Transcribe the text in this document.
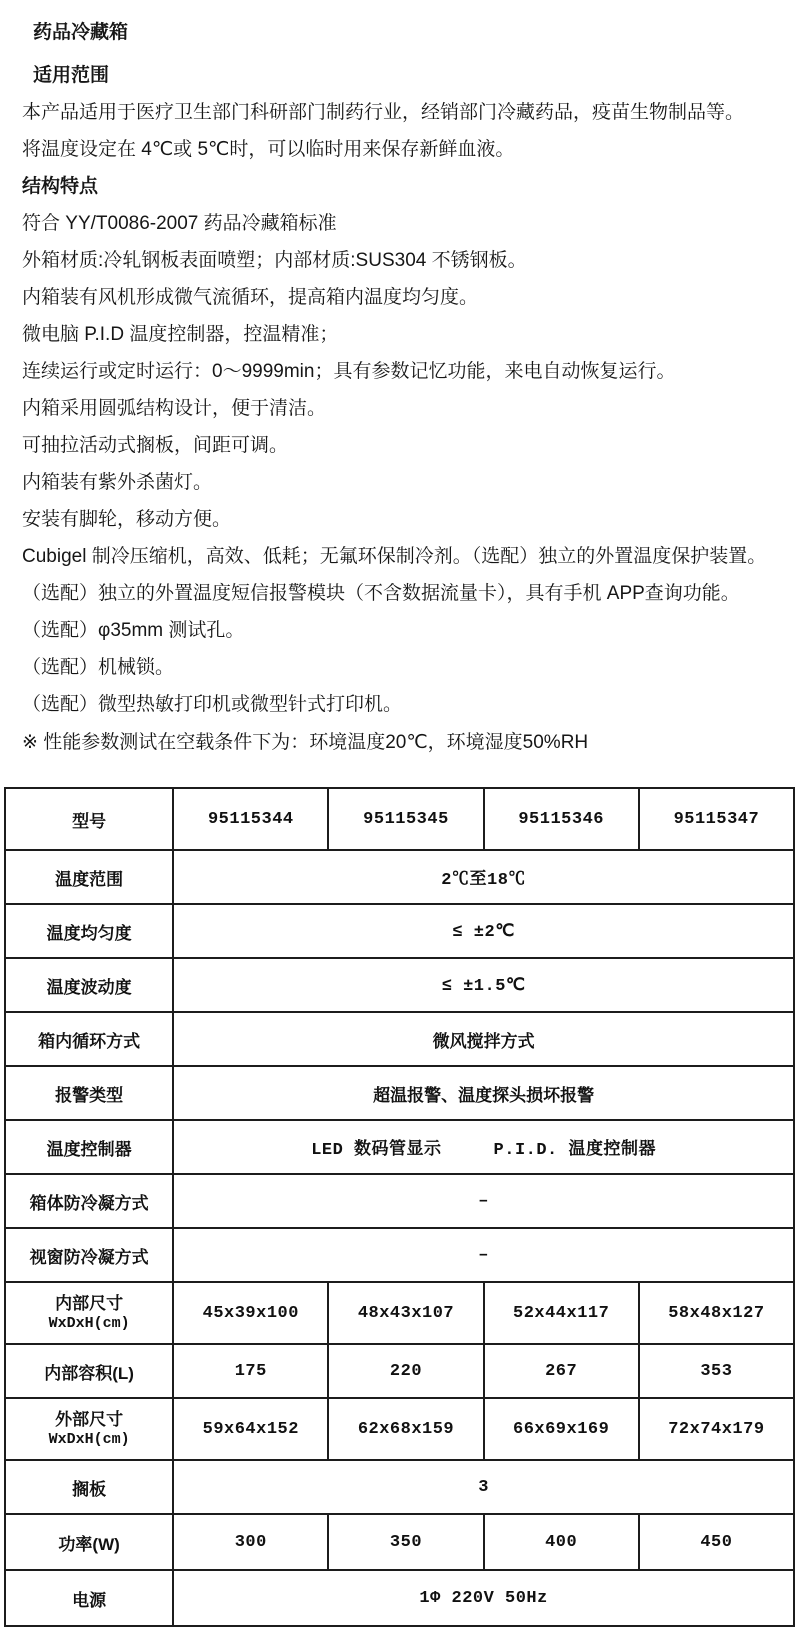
药品冷藏箱

适用范围

本产品适用于医疗卫生部门科研部门制药行业，经销部门冷藏药品，疫苗生物制品等。

将温度设定在 4℃或 5℃时，可以临时用来保存新鲜血液。

结构特点

符合 YY/T0086-2007 药品冷藏箱标准

外箱材质:冷轧钢板表面喷塑；内部材质:SUS304 不锈钢板。

内箱装有风机形成微气流循环，提高箱内温度均匀度。

微电脑 P.I.D 温度控制器，控温精准；

连续运行或定时运行：0～9999min；具有参数记忆功能，来电自动恢复运行。

内箱采用圆弧结构设计，便于清洁。

可抽拉活动式搁板，间距可调。

内箱装有紫外杀菌灯。

安装有脚轮，移动方便。

Cubigel 制冷压缩机，高效、低耗；无氟环保制冷剂。（选配）独立的外置温度保护装置。

（选配）独立的外置温度短信报警模块（不含数据流量卡），具有手机 APP查询功能。

（选配）φ35mm 测试孔。

（选配）机械锁。

（选配）微型热敏打印机或微型针式打印机。

※ 性能参数测试在空载条件下为：环境温度20℃，环境湿度50%RH

型号	95115344	95115345	95115346	95115347
温度范围	2℃至18℃			
温度均匀度	≤ ±2℃			
温度波动度	≤ ±1.5℃			
箱内循环方式	微风搅拌方式			
报警类型	超温报警、温度探头损坏报警			
温度控制器	LED 数码管显示 P.I.D. 温度控制器			
箱体防冷凝方式	–			
视窗防冷凝方式	–			

内部尺寸
WxDxH(cm)	45x39x100	48x43x107	52x44x117	58x48x127
内部容积(L)	175	220	267	353

外部尺寸
WxDxH(cm)	59x64x152	62x68x159	66x69x169	72x74x179
搁板	3			
功率(W)	300	350	400	450
电源	1Φ 220V 50Hz			
